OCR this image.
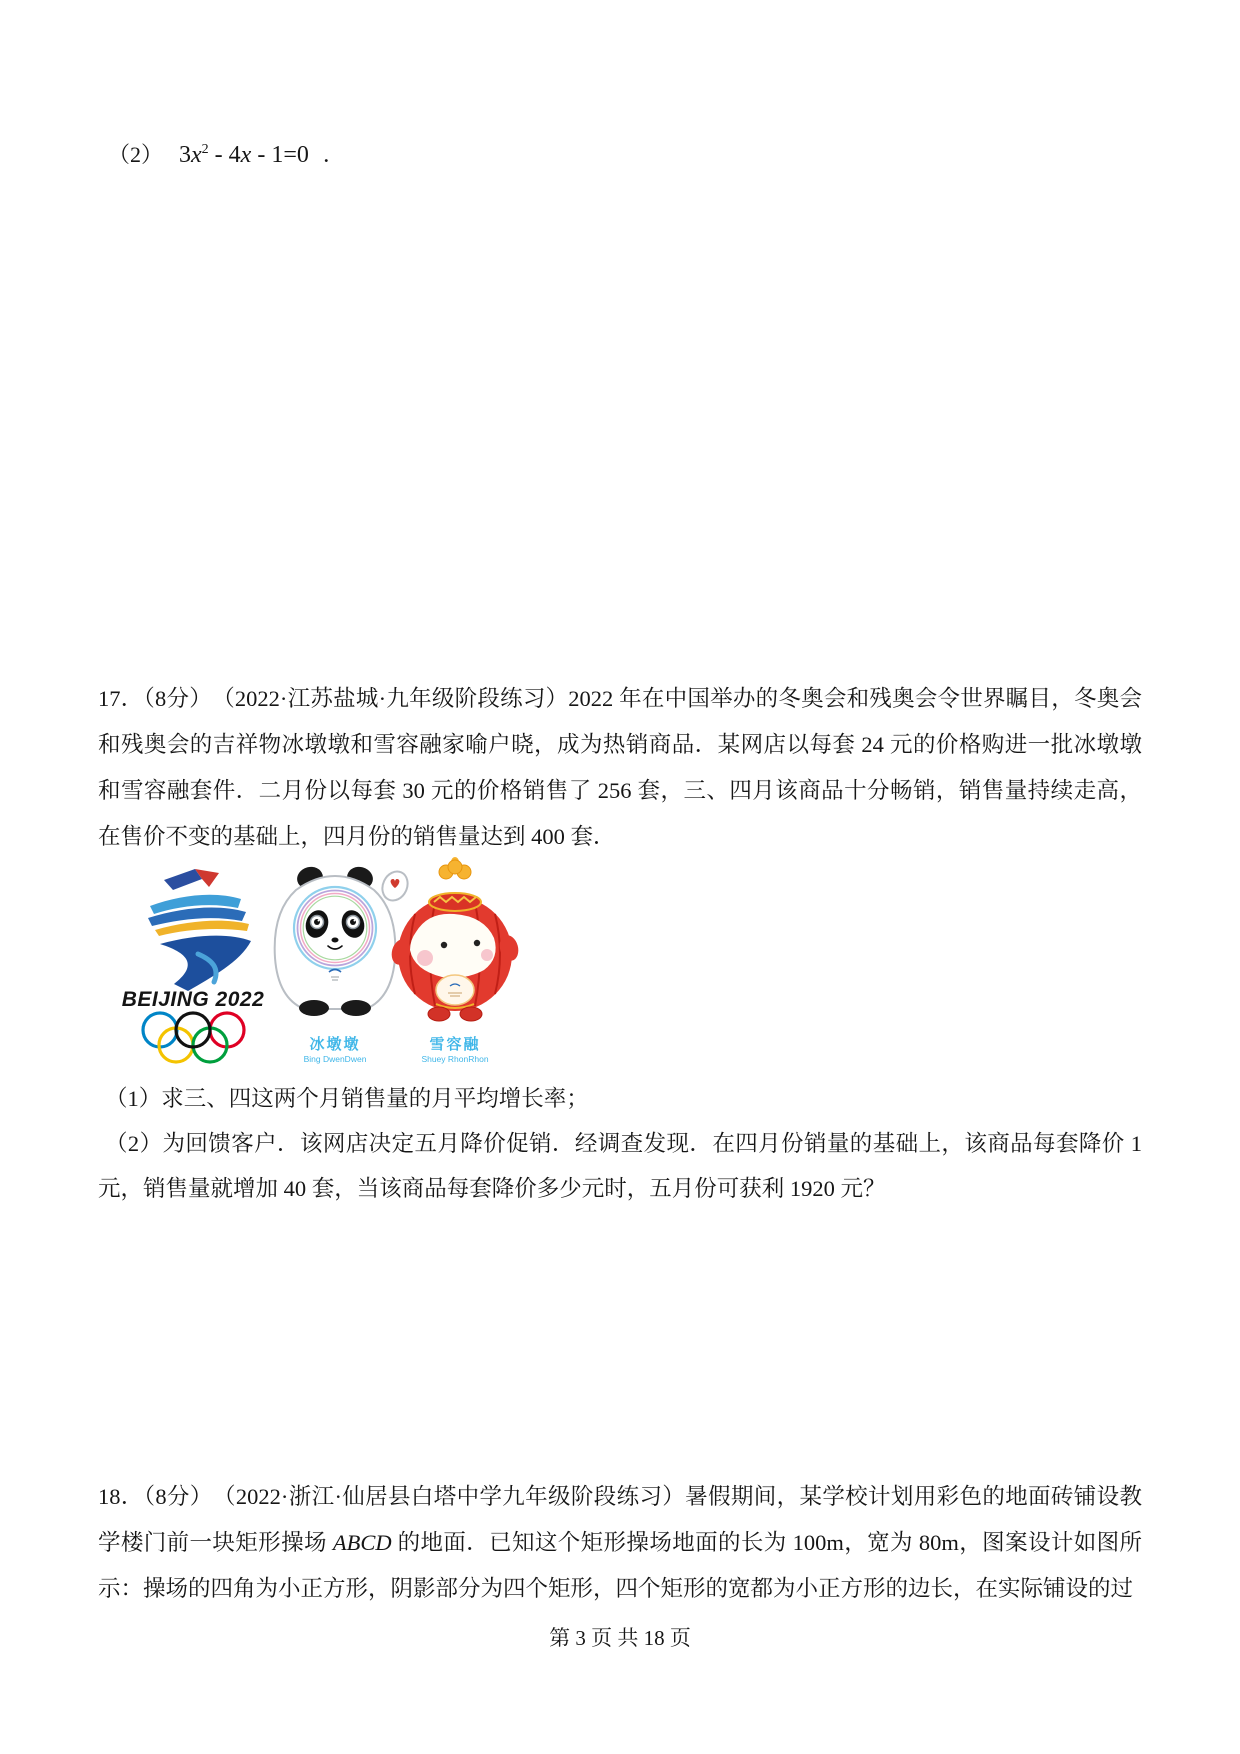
（2） $3x^2 - 4x - 1=0$ ．
17．（8分）　（2022·江苏盐城·九年级阶段练习）2022 年在中国举办的冬奥会和残奥会令世界瞩目，冬奥会和残奥会的吉祥物冰墩墩和雪容融家喻户晓，成为热销商品．某网店以每套 24 元的价格购进一批冰墩墩和雪容融套件．二月份以每套 30 元的价格销售了 256 套，三、四月该商品十分畅销，销售量持续走高，在售价不变的基础上，四月份的销售量达到 400 套．
BEIJING 2022
冰墩墩
Bing DwenDwen
雪容融
Shuey RhonRhon

（1）求三、四这两个月销售量的月平均增长率；

（2）为回馈客户．该网店决定五月降价促销．经调查发现．在四月份销量的基础上，该商品每套降价 1 元，销售量就增加 40 套，当该商品每套降价多少元时，五月份可获利 1920 元？

18．（8分）　（2022·浙江·仙居县白塔中学九年级阶段练习）暑假期间，某学校计划用彩色的地面砖铺设教学楼门前一块矩形操场 ABCD 的地面．已知这个矩形操场地面的长为 100m，宽为 80m，图案设计如图所示：操场的四角为小正方形，阴影部分为四个矩形，四个矩形的宽都为小正方形的边长，在实际铺设的过
第 3 页 共 18 页
